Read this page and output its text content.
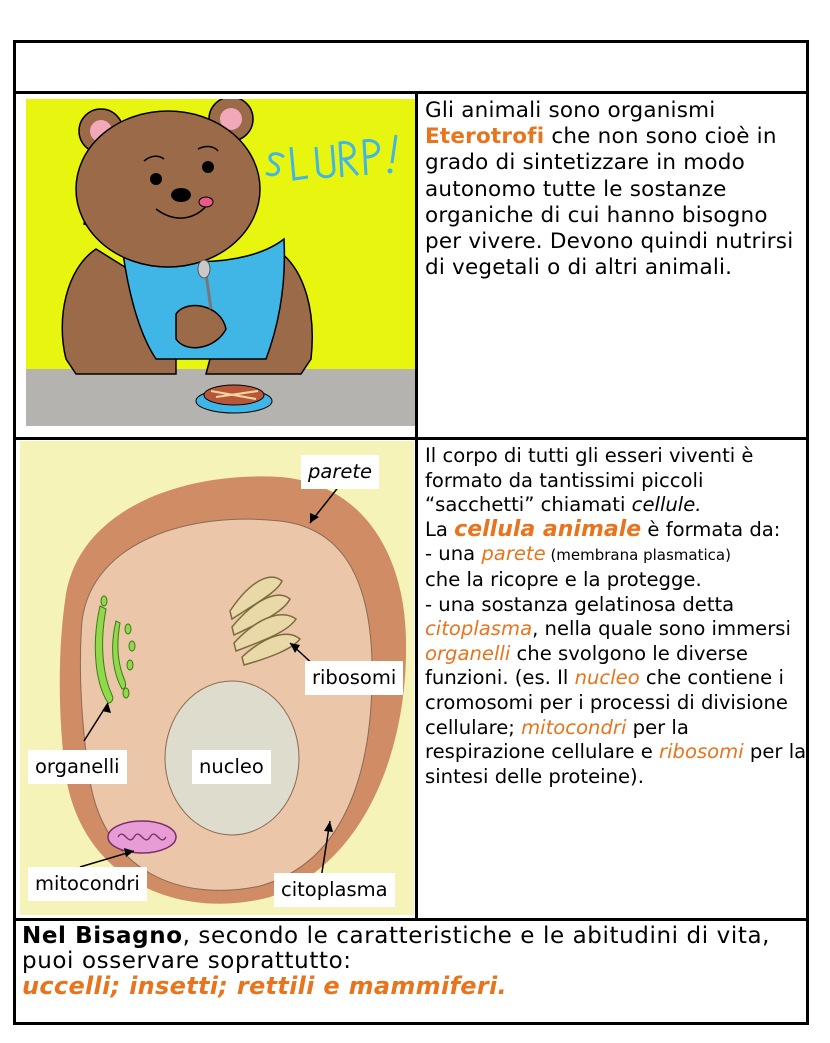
Gli animali sono organismi
Eterotrofi che non sono cioè in grado di sintetizzare in modo autonomo tutte le sostanze organiche di cui hanno bisogno per vivere. Devono quindi nutrirsi di vegetali o di altri animali.
parete
ribosomi
organelli	nucleo
mitocondri	citoplasma
Il corpo di tutti gli esseri viventi è formato da tantissimi piccoli “sacchetti” chiamati cellule.
La cellula animale è formata da:
- una parete (membrana plasmatica)
che la ricopre e la protegge.
- una sostanza gelatinosa detta
citoplasma, nella quale sono immersi organelli che svolgono le diverse funzioni. (es. Il nucleo che contiene i cromosomi per i processi di divisione cellulare; mitocondri per la respirazione cellulare e ribosomi per la sintesi delle proteine).
Nel Bisagno, secondo le caratteristiche e le abitudini di vita, puoi osservare soprattutto:
uccelli; insetti; rettili e mammiferi.
